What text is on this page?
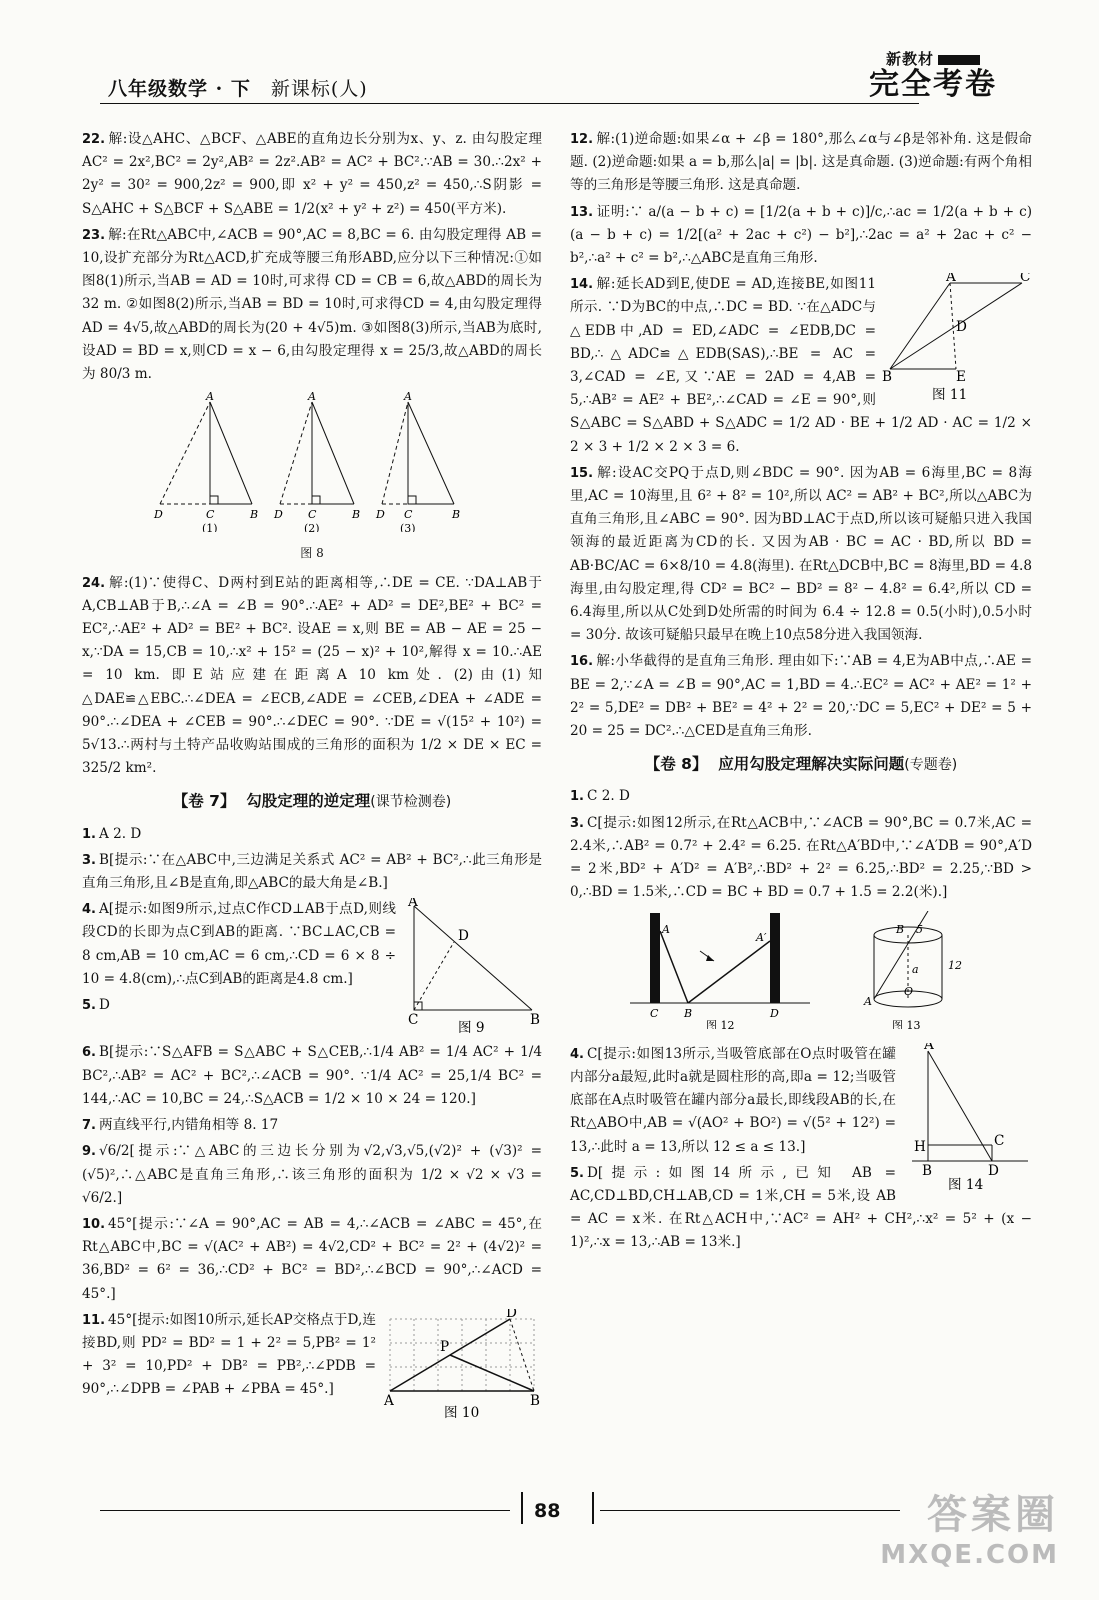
八年级数学 · 下 新课标(人)
新教材
完全考卷
22. 解:设△AHC、△BCF、△ABE的直角边长分别为x、y、z. 由勾股定理 AC² = 2x²,BC² = 2y²,AB² = 2z².AB² = AC² + BC².∵AB = 30.∴2x² + 2y² = 30² = 900,2z² = 900,即 x² + y² = 450,z² = 450,∴S阴影 = S△AHC + S△BCF + S△ABE = 1/2(x² + y² + z²) = 450(平方米).
23. 解:在Rt△ABC中,∠ACB = 90°,AC = 8,BC = 6. 由勾股定理得 AB = 10,设扩充部分为Rt△ACD,扩充成等腰三角形ABD,应分以下三种情况:①如图8(1)所示,当AB = AD = 10时,可求得 CD = CB = 6,故△ABD的周长为32 m. ②如图8(2)所示,当AB = BD = 10时,可求得CD = 4,由勾股定理得AD = 4√5,故△ABD的周长为(20 + 4√5)m. ③如图8(3)所示,当AB为底时,设AD = BD = x,则CD = x − 6,由勾股定理得 x = 25/3,故△ABD的周长为 80/3 m.
A
D	C	B
(1)
A
D C	B
(2)
A
D C	B
(3)
图 8
24. 解:(1)∵使得C、D两村到E站的距离相等,∴DE = CE. ∵DA⊥AB于A,CB⊥AB于B,∴∠A = ∠B = 90°.∴AE² + AD² = DE²,BE² + BC² = EC²,∴AE² + AD² = BE² + BC². 设AE = x,则 BE = AB − AE = 25 − x,∵DA = 15,CB = 10,∴x² + 15² = (25 − x)² + 10²,解得 x = 10.∴AE = 10 km. 即E站应建在距离A 10 km处. (2)由(1)知△DAE≌△EBC.∴∠DEA = ∠ECB,∠ADE = ∠CEB,∠DEA + ∠ADE = 90°.∴∠DEA + ∠CEB = 90°.∴∠DEC = 90°. ∵DE = √(15² + 10²) = 5√13.∴两村与土特产品收购站围成的三角形的面积为 1/2 × DE × EC = 325/2 km².
【卷 7】 勾股定理的逆定理(课节检测卷)
1. A 2. D
3. B[提示:∵在△ABC中,三边满足关系式 AC² = AB² + BC²,∴此三角形是直角三角形,且∠B是直角,即△ABC的最大角是∠B.]
A
D
C	B
图 9
4. A[提示:如图9所示,过点C作CD⊥AB于点D,则线段CD的长即为点C到AB的距离. ∵BC⊥AC,CB = 8 cm,AB = 10 cm,AC = 6 cm,∴CD = 6 × 8 ÷ 10 = 4.8(cm),∴点C到AB的距离是4.8 cm.]
5. D
6. B[提示:∵S△AFB = S△ABC + S△CEB,∴1/4 AB² = 1/4 AC² + 1/4 BC²,∴AB² = AC² + BC²,∴∠ACB = 90°. ∵1/4 AC² = 25,1/4 BC² = 144,∴AC = 10,BC = 24,∴S△ACB = 1/2 × 10 × 24 = 120.]
7. 两直线平行,内错角相等 8. 17
9. √6/2[提示:∵△ABC的三边长分别为√2,√3,√5,(√2)² + (√3)² = (√5)²,∴△ABC是直角三角形,∴该三角形的面积为 1/2 × √2 × √3 = √6/2.]
10. 45°[提示:∵∠A = 90°,AC = AB = 4,∴∠ACB = ∠ABC = 45°,在Rt△ABC中,BC = √(AC² + AB²) = 4√2,CD² + BC² = 2² + (4√2)² = 36,BD² = 6² = 36,∴CD² + BC² = BD²,∴∠BCD = 90°,∴∠ACD = 45°.]
D
P
A	B
图 10
11. 45°[提示:如图10所示,延长AP交格点于D,连接BD,则 PD² = BD² = 1 + 2² = 5,PB² = 1² + 3² = 10,PD² + DB² = PB²,∴∠PDB = 90°,∴∠DPB = ∠PAB + ∠PBA = 45°.]
12. 解:(1)逆命题:如果∠α + ∠β = 180°,那么∠α与∠β是邻补角. 这是假命题. (2)逆命题:如果 a = b,那么|a| = |b|. 这是真命题. (3)逆命题:有两个角相等的三角形是等腰三角形. 这是真命题.
13. 证明:∵ a/(a − b + c) = [1/2(a + b + c)]/c,∴ac = 1/2(a + b + c)(a − b + c) = 1/2[(a² + 2ac + c²) − b²],∴2ac = a² + 2ac + c² − b²,∴a² + c² = b²,∴△ABC是直角三角形.
A	C
D
B	E
图 11
14. 解:延长AD到E,使DE = AD,连接BE,如图11所示. ∵D为BC的中点,∴DC = BD. ∵在△ADC与△EDB中,AD = ED,∠ADC = ∠EDB,DC = BD,∴△ADC≌△EDB(SAS),∴BE = AC = 3,∠CAD = ∠E,又∵AE = 2AD = 4,AB = 5,∴AB² = AE² + BE²,∴∠CAD = ∠E = 90°,则 S△ABC = S△ABD + S△ADC = 1/2 AD · BE + 1/2 AD · AC = 1/2 × 2 × 3 + 1/2 × 2 × 3 = 6.
15. 解:设AC交PQ于点D,则∠BDC = 90°. 因为AB = 6海里,BC = 8海里,AC = 10海里,且 6² + 8² = 10²,所以 AC² = AB² + BC²,所以△ABC为直角三角形,且∠ABC = 90°. 因为BD⊥AC于点D,所以该可疑船只进入我国领海的最近距离为CD的长. 又因为AB · BC = AC · BD,所以 BD = AB·BC/AC = 6×8/10 = 4.8(海里). 在Rt△DCB中,BC = 8海里,BD = 4.8海里,由勾股定理,得 CD² = BC² − BD² = 8² − 4.8² = 6.4²,所以 CD = 6.4海里,所以从C处到D处所需的时间为 6.4 ÷ 12.8 = 0.5(小时),0.5小时 = 30分. 故该可疑船只最早在晚上10点58分进入我国领海.
16. 解:小华截得的是直角三角形. 理由如下:∵AB = 4,E为AB中点,∴AE = BE = 2,∵∠A = ∠B = 90°,AC = 1,BD = 4.∴EC² = AC² + AE² = 1² + 2² = 5,DE² = DB² + BE² = 4² + 2² = 20,∵DC = 5,EC² + DE² = 5 + 20 = 25 = DC².∴△CED是直角三角形.
【卷 8】 应用勾股定理解决实际问题(专题卷)
1. C 2. D
3. C[提示:如图12所示,在Rt△ACB中,∵∠ACB = 90°,BC = 0.7米,AC = 2.4米,∴AB² = 0.7² + 2.4² = 6.25. 在Rt△A′BD中,∵∠A′DB = 90°,A′D = 2米,BD² + A′D² = A′B²,∴BD² + 2² = 6.25,∴BD² = 2.25,∵BD > 0,∴BD = 1.5米,∴CD = BC + BD = 0.7 + 1.5 = 2.2(米).]
A
A′
C B	D
图 12
B 5
a	12
O
A
图 13
A
H	C
B	D
图 14
4. C[提示:如图13所示,当吸管底部在O点时吸管在罐内部分a最短,此时a就是圆柱形的高,即a = 12;当吸管底部在A点时吸管在罐内部分a最长,即线段AB的长,在Rt△ABO中,AB = √(AO² + BO²) = √(5² + 12²) = 13,∴此时 a = 13,所以 12 ≤ a ≤ 13.]
5. D[提示:如图14所示,已知 AB = AC,CD⊥BD,CH⊥AB,CD = 1米,CH = 5米,设 AB = AC = x米. 在Rt△ACH中,∵AC² = AH² + CH²,∴x² = 5² + (x − 1)²,∴x = 13,∴AB = 13米.]
88	答案圈
MXQE.COM
